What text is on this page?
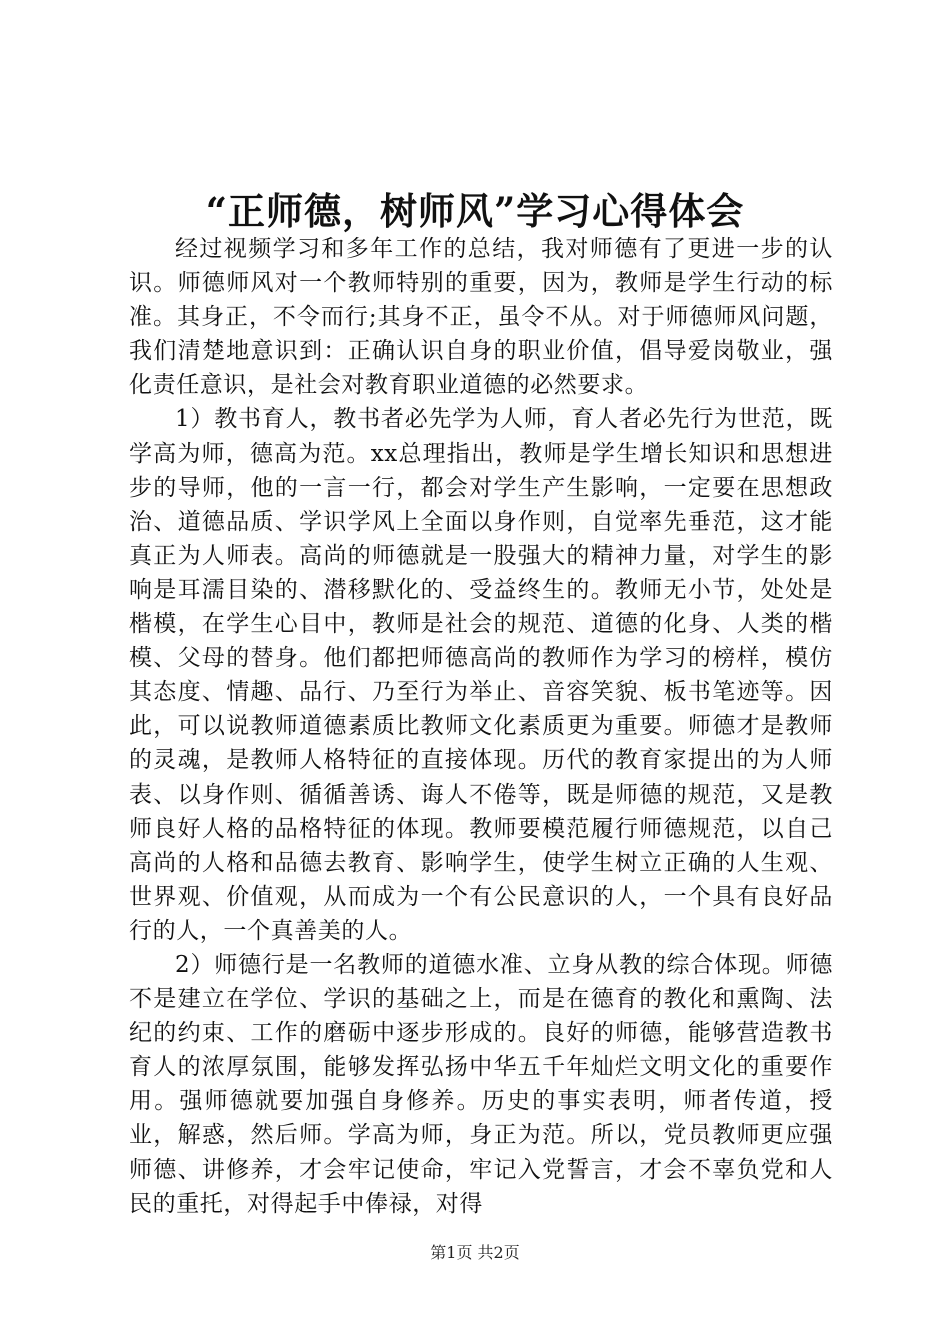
“正师德，树师风”学习心得体会

经过视频学习和多年工作的总结，我对师德有了更进一步的认识。师德师风对一个教师特别的重要，因为，教师是学生行动的标准。其身正，不令而行;其身不正，虽令不从。对于师德师风问题，我们清楚地意识到：正确认识自身的职业价值，倡导爱岗敬业，强化责任意识，是社会对教育职业道德的必然要求。

1）教书育人，教书者必先学为人师，育人者必先行为世范，既学高为师，德高为范。xx总理指出，教师是学生增长知识和思想进步的导师，他的一言一行，都会对学生产生影响，一定要在思想政治、道德品质、学识学风上全面以身作则，自觉率先垂范，这才能真正为人师表。高尚的师德就是一股强大的精神力量，对学生的影响是耳濡目染的、潜移默化的、受益终生的。教师无小节，处处是楷模，在学生心目中，教师是社会的规范、道德的化身、人类的楷模、父母的替身。他们都把师德高尚的教师作为学习的榜样，模仿其态度、情趣、品行、乃至行为举止、音容笑貌、板书笔迹等。因此，可以说教师道德素质比教师文化素质更为重要。师德才是教师的灵魂，是教师人格特征的直接体现。历代的教育家提出的为人师表、以身作则、循循善诱、诲人不倦等，既是师德的规范，又是教师良好人格的品格特征的体现。教师要模范履行师德规范，以自己高尚的人格和品德去教育、影响学生，使学生树立正确的人生观、世界观、价值观，从而成为一个有公民意识的人，一个具有良好品行的人，一个真善美的人。

2）师德行是一名教师的道德水准、立身从教的综合体现。师德不是建立在学位、学识的基础之上，而是在德育的教化和熏陶、法纪的约束、工作的磨砺中逐步形成的。良好的师德，能够营造教书育人的浓厚氛围，能够发挥弘扬中华五千年灿烂文明文化的重要作用。强师德就要加强自身修养。历史的事实表明，师者传道，授业，解惑，然后师。学高为师，身正为范。所以，党员教师更应强师德、讲修养，才会牢记使命，牢记入党誓言，才会不辜负党和人民的重托，对得起手中俸禄，对得

第1页 共2页
